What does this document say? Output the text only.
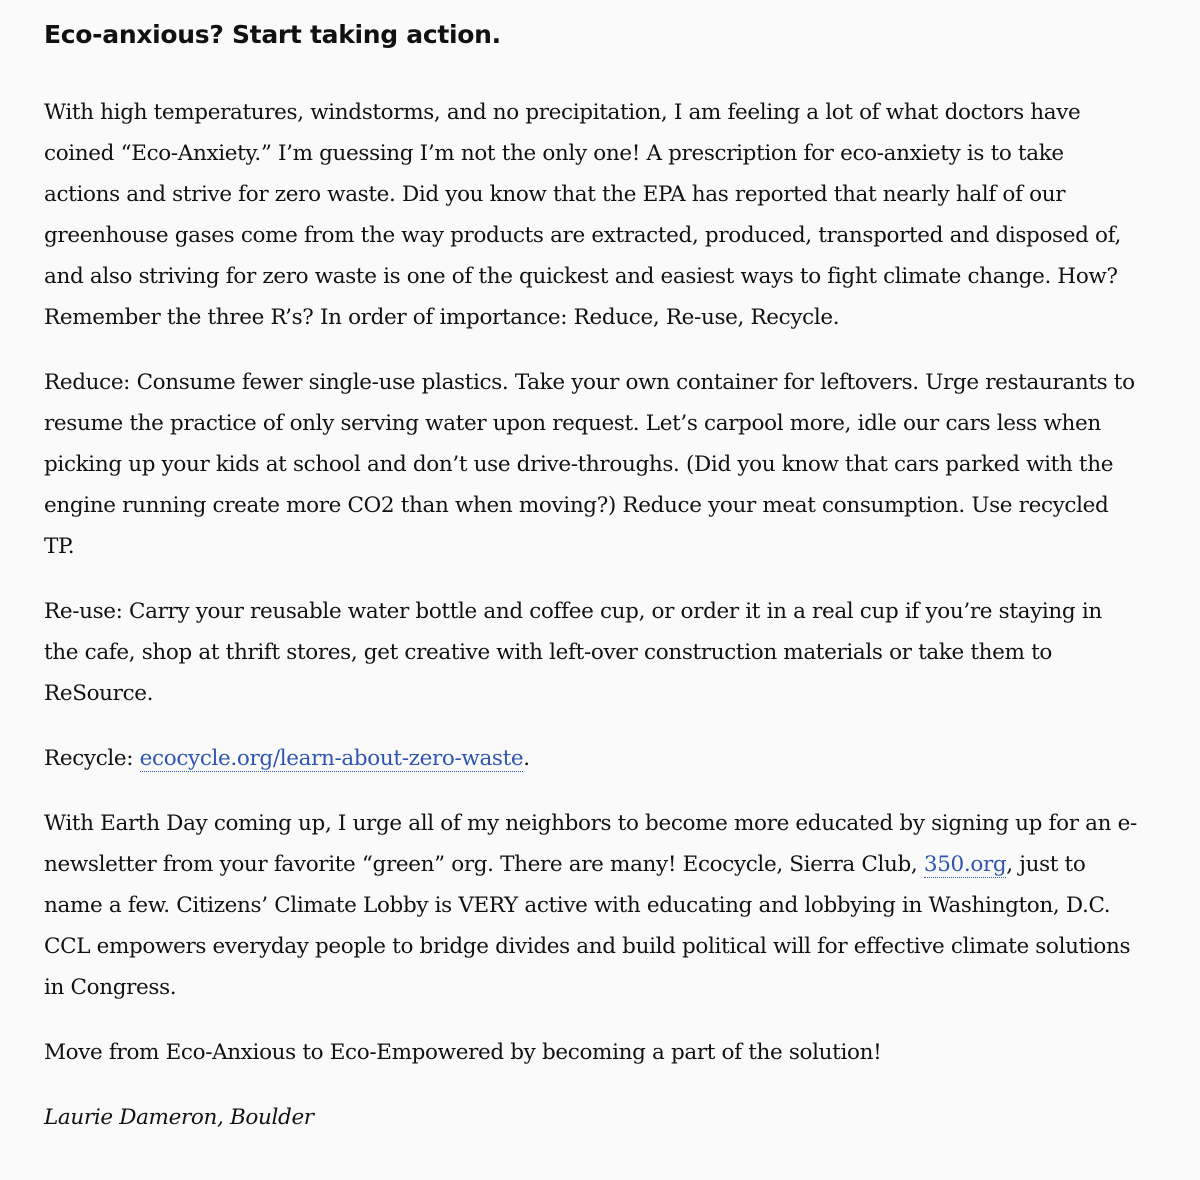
Eco-anxious? Start taking action.

With high temperatures, windstorms, and no precipitation, I am feeling a lot of what doctors have coined “Eco-Anxiety.” I’m guessing I’m not the only one! A prescription for eco-anxiety is to take actions and strive for zero waste. Did you know that the EPA has reported that nearly half of our greenhouse gases come from the way products are extracted, produced, transported and disposed of, and also striving for zero waste is one of the quickest and easiest ways to fight climate change. How? Remember the three R’s? In order of importance: Reduce, Re-use, Recycle.

Reduce: Consume fewer single-use plastics. Take your own container for leftovers. Urge restaurants to resume the practice of only serving water upon request. Let’s carpool more, idle our cars less when picking up your kids at school and don’t use drive-throughs. (Did you know that cars parked with the engine running create more CO2 than when moving?) Reduce your meat consumption. Use recycled TP.

Re-use: Carry your reusable water bottle and coffee cup, or order it in a real cup if you’re staying in the cafe, shop at thrift stores, get creative with left-over construction materials or take them to ReSource.

Recycle: ecocycle.org/learn-about-zero-waste.

With Earth Day coming up, I urge all of my neighbors to become more educated by signing up for an e-newsletter from your favorite “green” org. There are many! Ecocycle, Sierra Club, 350.org, just to name a few. Citizens’ Climate Lobby is VERY active with educating and lobbying in Washington, D.C. CCL empowers everyday people to bridge divides and build political will for effective climate solutions in Congress.

Move from Eco-Anxious to Eco-Empowered by becoming a part of the solution!

Laurie Dameron, Boulder
